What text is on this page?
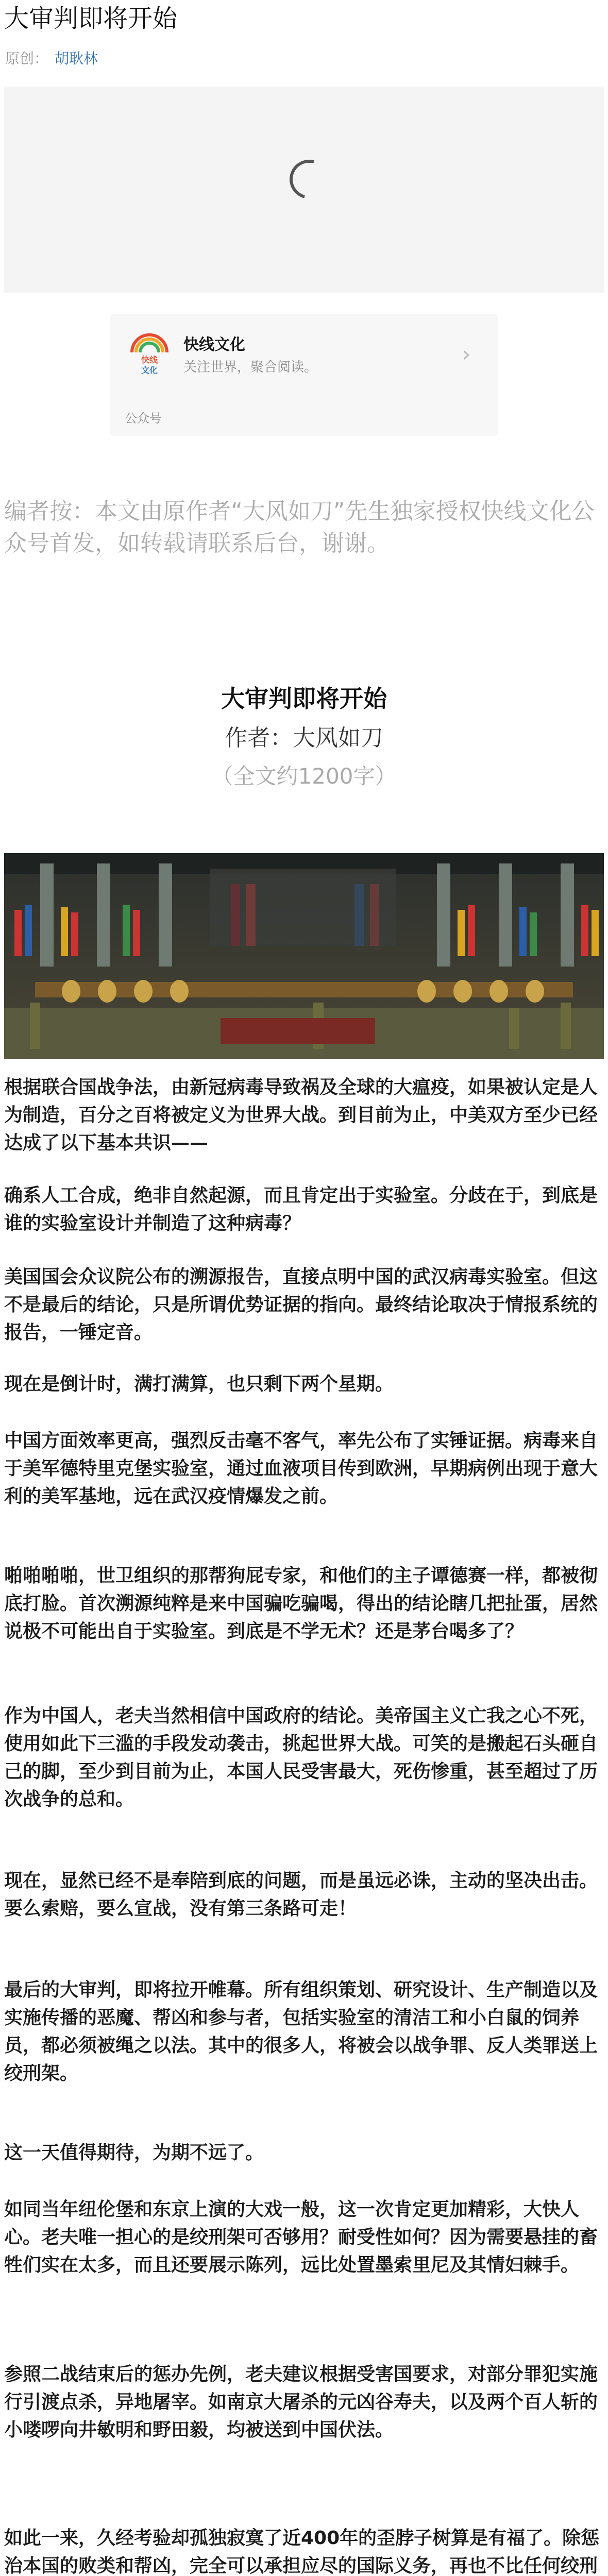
大审判即将开始
原创： 胡耿林
快线
文化
快线文化
关注世界，聚合阅读。	›
公众号
编者按：本文由原作者“大风如刀”先生独家授权快线文化公众号首发，如转载请联系后台，谢谢。
大审判即将开始
作者：大风如刀
（全文约1200字）

根据联合国战争法，由新冠病毒导致祸及全球的大瘟疫，如果被认定是人为制造，百分之百将被定义为世界大战。到目前为止，中美双方至少已经达成了以下基本共识——

确系人工合成，绝非自然起源，而且肯定出于实验室。分歧在于，到底是谁的实验室设计并制造了这种病毒？

美国国会众议院公布的溯源报告，直接点明中国的武汉病毒实验室。但这不是最后的结论，只是所谓优势证据的指向。最终结论取决于情报系统的报告，一锤定音。

现在是倒计时，满打满算，也只剩下两个星期。

中国方面效率更高，强烈反击毫不客气，率先公布了实锤证据。病毒来自于美军德特里克堡实验室，通过血液项目传到欧洲，早期病例出现于意大利的美军基地，远在武汉疫情爆发之前。

啪啪啪啪，世卫组织的那帮狗屁专家，和他们的主子谭德赛一样，都被彻底打脸。首次溯源纯粹是来中国骗吃骗喝，得出的结论瞎几把扯蛋，居然说极不可能出自于实验室。到底是不学无术？还是茅台喝多了？

作为中国人，老夫当然相信中国政府的结论。美帝国主义亡我之心不死，使用如此下三滥的手段发动袭击，挑起世界大战。可笑的是搬起石头砸自己的脚，至少到目前为止，本国人民受害最大，死伤惨重，甚至超过了历次战争的总和。

现在，显然已经不是奉陪到底的问题，而是虽远必诛，主动的坚决出击。要么索赔，要么宣战，没有第三条路可走！

最后的大审判，即将拉开帷幕。所有组织策划、研究设计、生产制造以及实施传播的恶魔、帮凶和参与者，包括实验室的清洁工和小白鼠的饲养员，都必须被绳之以法。其中的很多人，将被会以战争罪、反人类罪送上绞刑架。

这一天值得期待，为期不远了。

如同当年纽伦堡和东京上演的大戏一般，这一次肯定更加精彩，大快人心。老夫唯一担心的是绞刑架可否够用？耐受性如何？因为需要悬挂的畜牲们实在太多，而且还要展示陈列，远比处置墨索里尼及其情妇棘手。

参照二战结束后的惩办先例，老夫建议根据受害国要求，对部分罪犯实施行引渡点杀，异地屠宰。如南京大屠杀的元凶谷寿夫，以及两个百人斩的小喽啰向井敏明和野田毅，均被送到中国伏法。

如此一来，久经考验却孤独寂寞了近400年的歪脖子树算是有福了。除惩治本国的败类和帮凶，完全可以承担应尽的国际义务，再也不比任何绞刑
